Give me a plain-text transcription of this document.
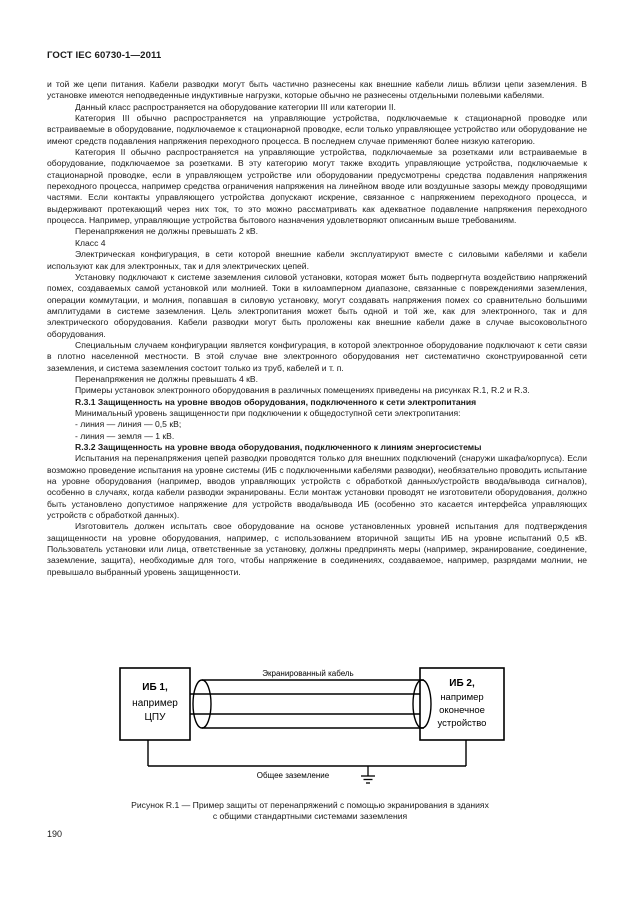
ГОСТ IEC 60730-1—2011

и той же цепи питания. Кабели разводки могут быть частично разнесены как внешние кабели лишь вблизи цепи заземления. В установке имеются неподведенные индуктивные нагрузки, которые обычно не разнесены отдельными полевыми кабелями.

Данный класс распространяется на оборудование категории III или категории II.

Категория III обычно распространяется на управляющие устройства, подключаемые к стационарной проводке или встраиваемые в оборудование, подключаемое к стационарной проводке, если только управляющее устройство или оборудование не имеют средств подавления напряжения переходного процесса. В последнем случае применяют более низкую категорию.

Категория II обычно распространяется на управляющие устройства, подключаемые за розетками или встраиваемые в оборудование, подключаемое за розетками. В эту категорию могут также входить управляющие устройства, подключаемые к стационарной проводке, если в управляющем устройстве или оборудовании предусмотрены средства подавления напряжения переходного процесса, например средства ограничения напряжения на линейном вводе или воздушные зазоры между проводящими частями. Если контакты управляющего устройства допускают искрение, связанное с напряжением переходного процесса, и выдерживают протекающий через них ток, то это можно рассматривать как адекватное подавление напряжения переходного процесса. Например, управляющие устройства бытового назначения удовлетворяют описанным выше требованиям.

Перенапряжения не должны превышать 2 кВ.

Класс 4

Электрическая конфигурация, в сети которой внешние кабели эксплуатируют вместе с силовыми кабелями и кабели используют как для электронных, так и для электрических цепей.

Установку подключают к системе заземления силовой установки, которая может быть подвергнута воздействию напряжений помех, создаваемых самой установкой или молнией. Токи в килоамперном диапазоне, связанные с повреждениями заземления, операции коммутации, и молния, попавшая в силовую установку, могут создавать напряжения помех со сравнительно большими амплитудами в системе заземления. Цель электропитания может быть одной и той же, как для электронного, так и для электрического оборудования. Кабели разводки могут быть проложены как внешние кабели даже в случае высоковольтного оборудования.

Специальным случаем конфигурации является конфигурация, в которой электронное оборудование подключают к сети связи в плотно населенной местности. В этой случае вне электронного оборудования нет систематично сконструированной сети заземления, и система заземления состоит только из труб, кабелей и т. п.

Перенапряжения не должны превышать 4 кВ.

Примеры установок электронного оборудования в различных помещениях приведены на рисунках R.1, R.2 и R.3.

R.3.1 Защищенность на уровне вводов оборудования, подключенного к сети электропитания

Минимальный уровень защищенности при подключении к общедоступной сети электропитания:

- линия — линия — 0,5 кВ;

- линия — земля — 1 кВ.

R.3.2 Защищенность на уровне ввода оборудования, подключенного к линиям энергосистемы

Испытания на перенапряжения цепей разводки проводятся только для внешних подключений (снаружи шкафа/корпуса). Если возможно проведение испытания на уровне системы (ИБ с подключенными кабелями разводки), необязательно проводить испытание на уровне оборудования (например, вводов управляющих устройств с обработкой данных/устройств ввода/вывода сигналов), особенно в случаях, когда кабели разводки экранированы. Если монтаж установки проводят не изготовители оборудования, должно быть установлено допустимое напряжение для устройств ввода/вывода ИБ (особенно это касается интерфейса управляющих устройств с обработкой данных).

Изготовитель должен испытать свое оборудование на основе установленных уровней испытания для подтверждения защищенности на уровне оборудования, например, с использованием вторичной защиты ИБ на уровне испытаний 0,5 кВ. Пользователь установки или лица, ответственные за установку, должны предпринять меры (например, экранирование, соединение, заземление, защита), необходимые для того, чтобы напряжение в соединениях, создаваемое, например, разрядами молнии, не превышало выбранный уровень защищенности.

Экранированный кабель
Общее заземление
ИБ 1,
например
ЦПУ
ИБ 2,
например
оконечное
устройство
Рисунок R.1 — Пример защиты от перенапряжений с помощью экранирования в зданиях
с общими стандартными системами заземления
190
